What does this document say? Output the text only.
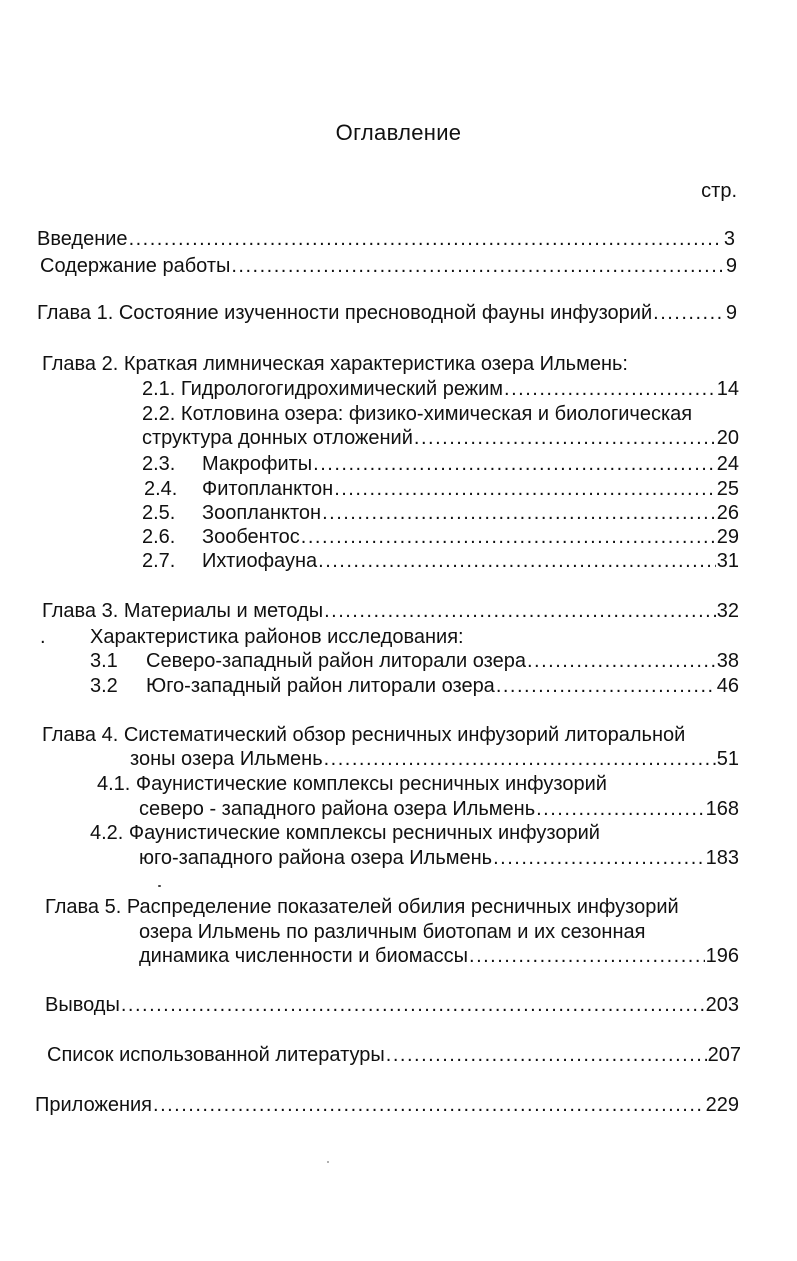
Оглавление
стр.
Введение .....	3
Содержание работы .....	9
Глава 1. Состояние изученности пресноводной фауны инфузорий .....	9
Глава 2. Краткая лимническая характеристика озера Ильмень:
2.1. Гидрологогидрохимический режим .....	14
2.2. Котловина озера: физико-химическая и биологическая
структура донных отложений .....	20
2.3.	Макрофиты .....	24
2.4.	Фитопланктон .....	25
2.5.	Зоопланктон .....	26
2.6.	Зообентос .....	29
2.7.	Ихтиофауна .....	31
Глава 3. Материалы и методы .....	32
. Характеристика районов исследования:
3.1	Северо-западный район литорали озера .....	38
3.2	Юго-западный район литорали озера .....	46
Глава 4. Систематический обзор ресничных инфузорий литоральной
зоны озера Ильмень .....	51
4.1. Фаунистические комплексы ресничных инфузорий
северо - западного района озера Ильмень .....	168
4.2. Фаунистические комплексы ресничных инфузорий
юго-западного района озера Ильмень .....	183
Глава 5. Распределение показателей обилия ресничных инфузорий
озера Ильмень по различным биотопам и их сезонная
динамика численности и биомассы .....	196
Выводы .....	203
Список использованной литературы .....	207
Приложения .....	229
